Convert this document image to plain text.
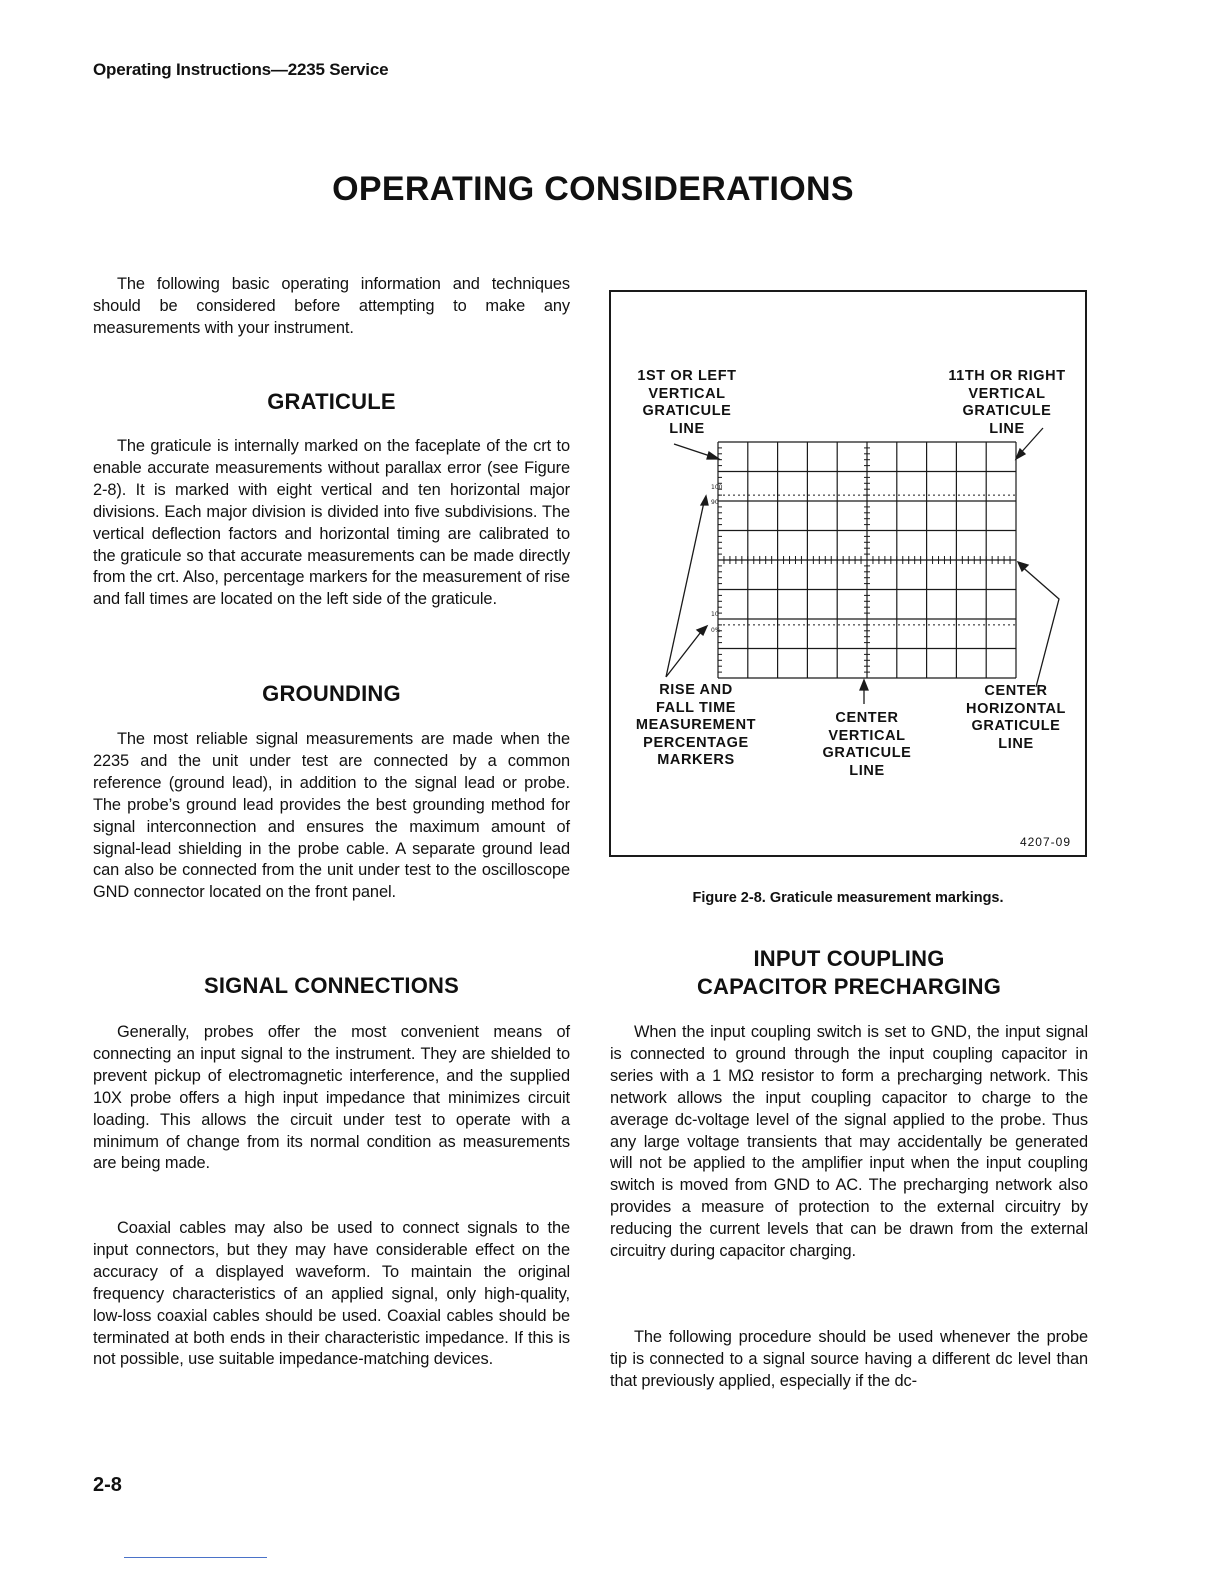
Operating Instructions—2235 Service
OPERATING CONSIDERATIONS

The following basic operating information and techniques should be considered before attempting to make any measurements with your instrument.

GRATICULE

The graticule is internally marked on the faceplate of the crt to enable accurate measurements without parallax error (see Figure 2-8). It is marked with eight vertical and ten horizontal major divisions. Each major division is divided into five subdivisions. The vertical deflection factors and horizontal timing are calibrated to the graticule so that accurate measurements can be made directly from the crt. Also, percentage markers for the measurement of rise and fall times are located on the left side of the graticule.

GROUNDING

The most reliable signal measurements are made when the 2235 and the unit under test are connected by a common reference (ground lead), in addition to the signal lead or probe. The probe’s ground lead provides the best grounding method for signal interconnection and ensures the maximum amount of signal-lead shielding in the probe cable. A separate ground lead can also be connected from the unit under test to the oscilloscope GND connector located on the front panel.

SIGNAL CONNECTIONS

Generally, probes offer the most convenient means of connecting an input signal to the instrument. They are shielded to prevent pickup of electromagnetic interference, and the supplied 10X probe offers a high input impedance that minimizes circuit loading. This allows the circuit under test to operate with a minimum of change from its normal condition as measurements are being made.

Coaxial cables may also be used to connect signals to the input connectors, but they may have considerable effect on the accuracy of a displayed waveform. To maintain the original frequency characteristics of an applied signal, only high-quality, low-loss coaxial cables should be used. Coaxial cables should be terminated at both ends in their characteristic impedance. If this is not possible, use suitable impedance-matching devices.

100
90
10
0%
1ST OR LEFT
VERTICAL
GRATICULE
LINE
11TH OR RIGHT
VERTICAL
GRATICULE
LINE
RISE AND
FALL TIME
MEASUREMENT
PERCENTAGE
MARKERS
CENTER
VERTICAL
GRATICULE
LINE
CENTER
HORIZONTAL
GRATICULE
LINE
4207-09
Figure 2-8. Graticule measurement markings.
INPUT COUPLING
CAPACITOR PRECHARGING

When the input coupling switch is set to GND, the input signal is connected to ground through the input coupling capacitor in series with a 1 MΩ resistor to form a precharging network. This network allows the input coupling capacitor to charge to the average dc-voltage level of the signal applied to the probe. Thus any large voltage transients that may accidentally be generated will not be applied to the amplifier input when the input coupling switch is moved from GND to AC. The precharging network also provides a measure of protection to the external circuitry by reducing the current levels that can be drawn from the external circuitry during capacitor charging.

The following procedure should be used whenever the probe tip is connected to a signal source having a different dc level than that previously applied, especially if the dc-

2-8
